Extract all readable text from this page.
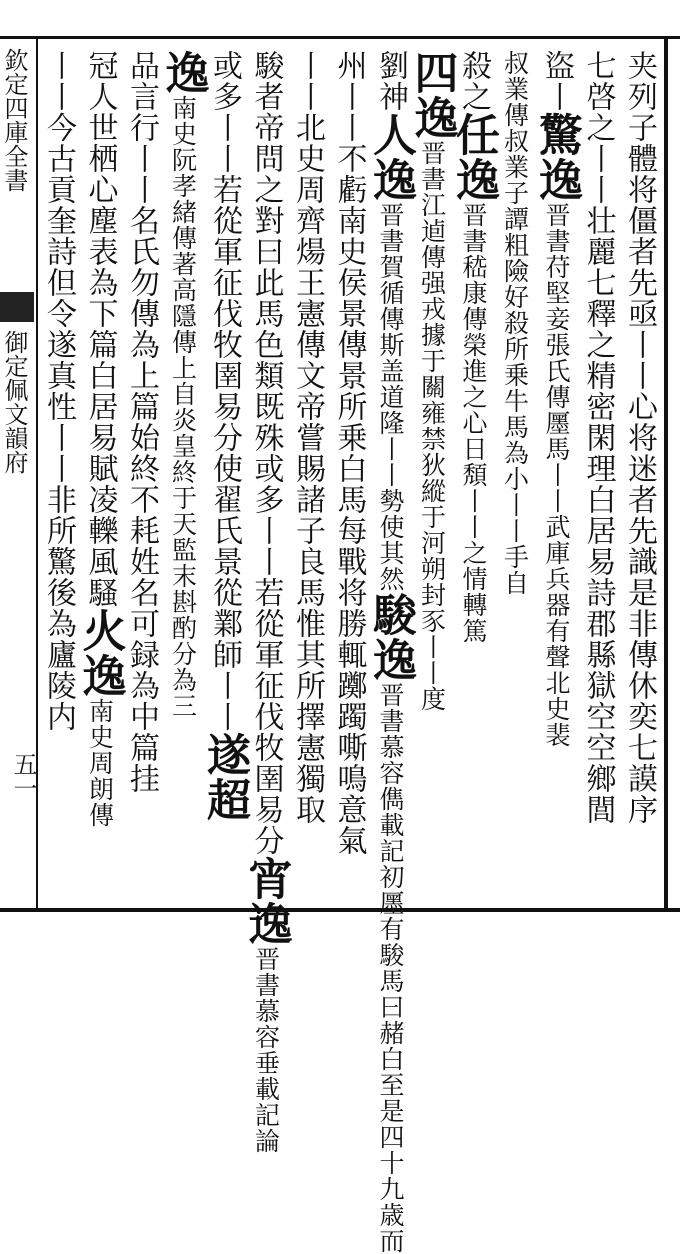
欽定四庫全書
御定佩文韻府
五一	夹列子體将僵者先亟丨丨心将迷者先識是非傳休奕七謨序
七啓之丨丨壮麗七釋之精密閑理白居易詩郡縣獄空空鄉閭
盜丨驚逸晋書苻堅妾張氏傳㕓馬丨丨武庫兵器有聲北史裴
叔業傳叔業子譚粗險好殺所乗牛馬為小丨丨手自
殺之任逸晋書嵇康傳榮進之心日頽丨丨之情轉篤
四逸晋書江逌傳强戎據于關雍禁狄縱于河朔封豕丨丨度
劉神人逸晋書賀循傳斯盖道隆丨丨勢使其然駿逸晋書慕容儁載記初㕓有駿馬曰赭白至是四十九歳而
州丨丨不虧南史侯景傳景所乗白馬每戰将勝輒躑躅嘶鳴意氣
丨丨北史周齊煬王憲傳文帝嘗賜諸子良馬惟其所擇憲獨取
駿者帝問之對曰此馬色類既殊或多丨丨若從軍征伐牧圉易分宵逸晋書慕容垂載記論
或多丨丨若從軍征伐牧圉易分使翟氏景從鄴師丨丨遂超
逸南史阮孝緒傳著高隱傳上自炎皇終于天監末斟酌分為三
品言行丨丨名氏勿傳為上篇始終不耗姓名可録為中篇挂
冠人世栖心塵表為下篇白居易賦凌轢風騷火逸南史周朗傳
丨丨今古貢奎詩但令遂真性丨丨非所驚後為廬陵内
